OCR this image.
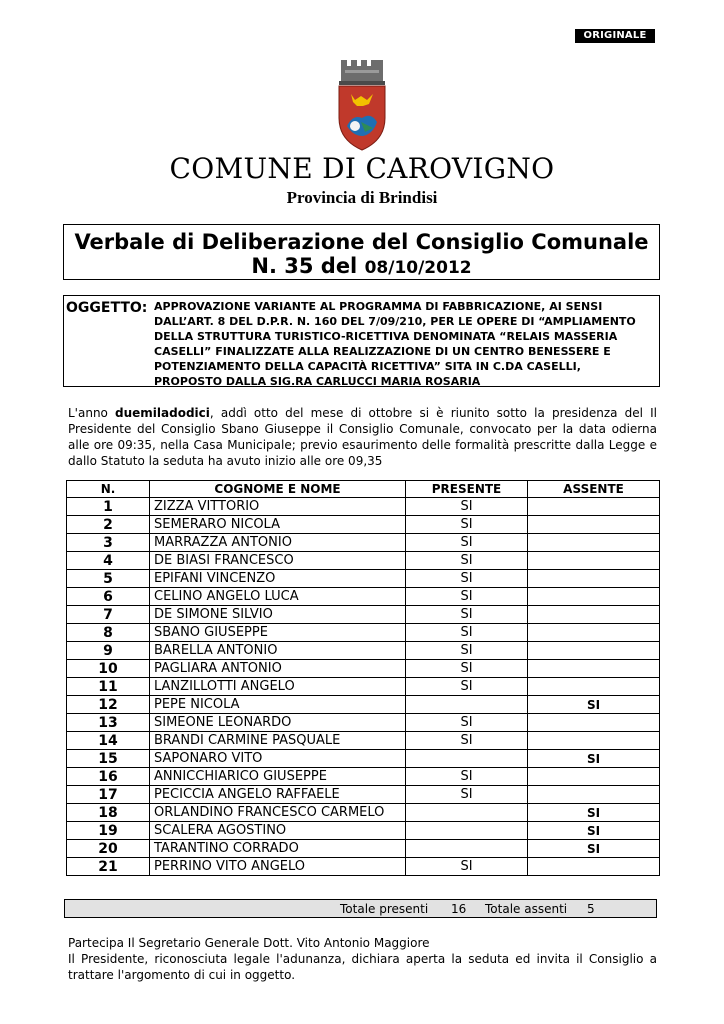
ORIGINALE
COMUNE DI CAROVIGNO
Provincia di Brindisi
Verbale di Deliberazione del Consiglio Comunale
N. 35 del 08/10/2012
OGGETTO: APPROVAZIONE VARIANTE AL PROGRAMMA DI FABBRICAZIONE, AI SENSI
DALL’ART. 8 DEL D.P.R. N. 160 DEL 7/09/210, PER LE OPERE DI “AMPLIAMENTO
DELLA STRUTTURA TURISTICO-RICETTIVA DENOMINATA “RELAIS MASSERIA
CASELLI” FINALIZZATE ALLA REALIZZAZIONE DI UN CENTRO BENESSERE E
POTENZIAMENTO DELLA CAPACITÀ RICETTIVA” SITA IN C.DA CASELLI,
PROPOSTO DALLA SIG.RA CARLUCCI MARIA ROSARIA
L'anno duemiladodici, addì otto del mese di ottobre si è riunito sotto la presidenza del Il Presidente del Consiglio Sbano Giuseppe il Consiglio Comunale, convocato per la data odierna alle ore 09:35, nella Casa Municipale; previo esaurimento delle formalità prescritte dalla Legge e dallo Statuto la seduta ha avuto inizio alle ore 09,35
N.	COGNOME E NOME	PRESENTE	ASSENTE
1	ZIZZA VITTORIO	SI	
2	SEMERARO NICOLA	SI	
3	MARRAZZA ANTONIO	SI	
4	DE BIASI FRANCESCO	SI	
5	EPIFANI VINCENZO	SI	
6	CELINO ANGELO LUCA	SI	
7	DE SIMONE SILVIO	SI	
8	SBANO GIUSEPPE	SI	
9	BARELLA ANTONIO	SI	
10	PAGLIARA ANTONIO	SI	
11	LANZILLOTTI ANGELO	SI	
12	PEPE NICOLA		SI
13	SIMEONE LEONARDO	SI	
14	BRANDI CARMINE PASQUALE	SI	
15	SAPONARO VITO		SI
16	ANNICCHIARICO GIUSEPPE	SI	
17	PECICCIA ANGELO RAFFAELE	SI	
18	ORLANDINO FRANCESCO CARMELO		SI
19	SCALERA AGOSTINO		SI
20	TARANTINO CORRADO		SI
21	PERRINO VITO ANGELO	SI	
Totale presenti 16 Totale assenti 5
Partecipa Il Segretario Generale Dott. Vito Antonio Maggiore
Il Presidente, riconosciuta legale l'adunanza, dichiara aperta la seduta ed invita il Consiglio a trattare l'argomento di cui in oggetto.
